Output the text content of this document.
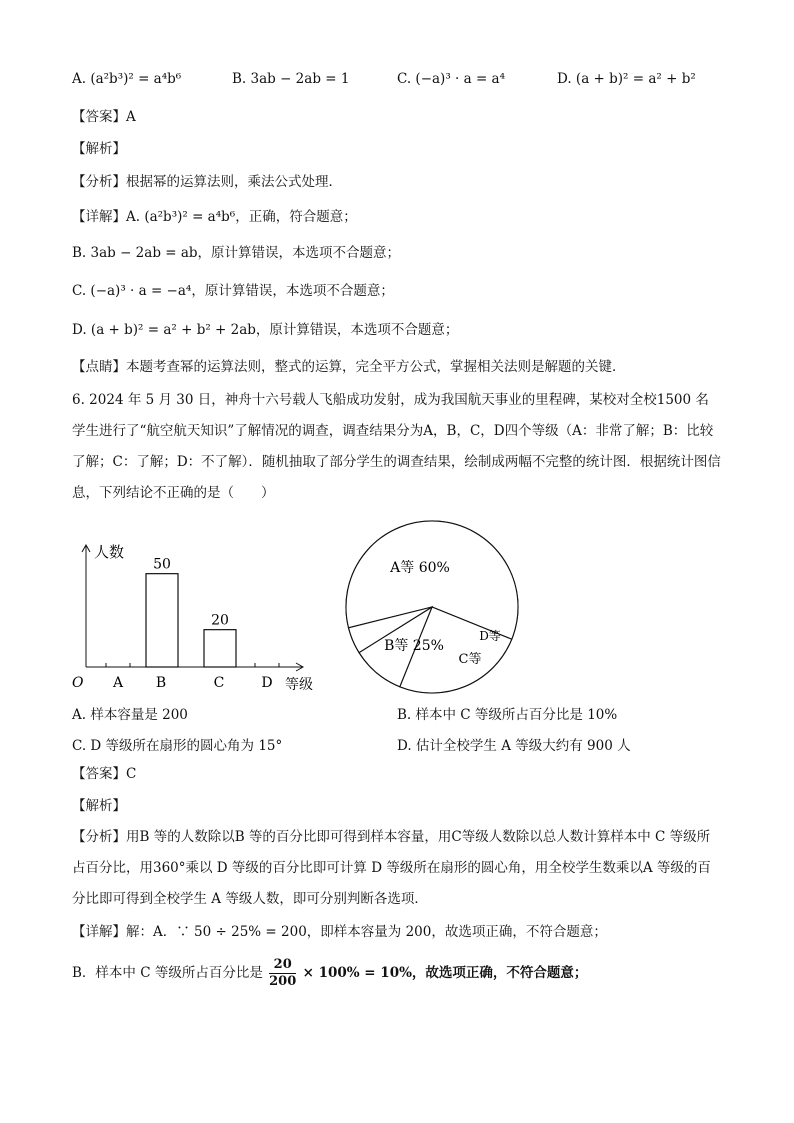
A. (a²b³)² = a⁴b⁶	B. 3ab − 2ab = 1	C. (−a)³ · a = a⁴	D. (a + b)² = a² + b²
【答案】A
【解析】
【分析】根据幂的运算法则，乘法公式处理．
【详解】A. (a²b³)² = a⁴b⁶，正确，符合题意；
B. 3ab − 2ab = ab，原计算错误，本选项不合题意；
C. (−a)³ · a = −a⁴，原计算错误，本选项不合题意；
D. (a + b)² = a² + b² + 2ab，原计算错误，本选项不合题意；
【点睛】本题考查幂的运算法则，整式的运算，完全平方公式，掌握相关法则是解题的关键．
6. 2024 年 5 月 30 日，神舟十六号载人飞船成功发射，成为我国航天事业的里程碑，某校对全校1500 名学生进行了“航空航天知识”了解情况的调查，调查结果分为A，B，C，D四个等级（A：非常了解；B：比较了解；C：了解；D：不了解）．随机抽取了部分学生的调查结果，绘制成两幅不完整的统计图．根据统计图信息，下列结论不正确的是（　　）
人数
等级
O A B
50
C
20
D
A等 60%
B等 25%
C等
D等
A. 样本容量是 200	B. 样本中 C 等级所占百分比是 10%
C. D 等级所在扇形的圆心角为 15°	D. 估计全校学生 A 等级大约有 900 人
【答案】C
【解析】
【分析】用B 等的人数除以B 等的百分比即可得到样本容量，用C等级人数除以总人数计算样本中 C 等级所占百分比，用360°乘以 D 等级的百分比即可计算 D 等级所在扇形的圆心角，用全校学生数乘以A 等级的百分比即可得到全校学生 A 等级人数，即可分别判断各选项．
【详解】解：A．∵ 50 ÷ 25% = 200，即样本容量为 200，故选项正确，不符合题意；
B．样本中 C 等级所占百分比是 $\frac{20}{200} \times 100\% = 10\%$，故选项正确，不符合题意；
